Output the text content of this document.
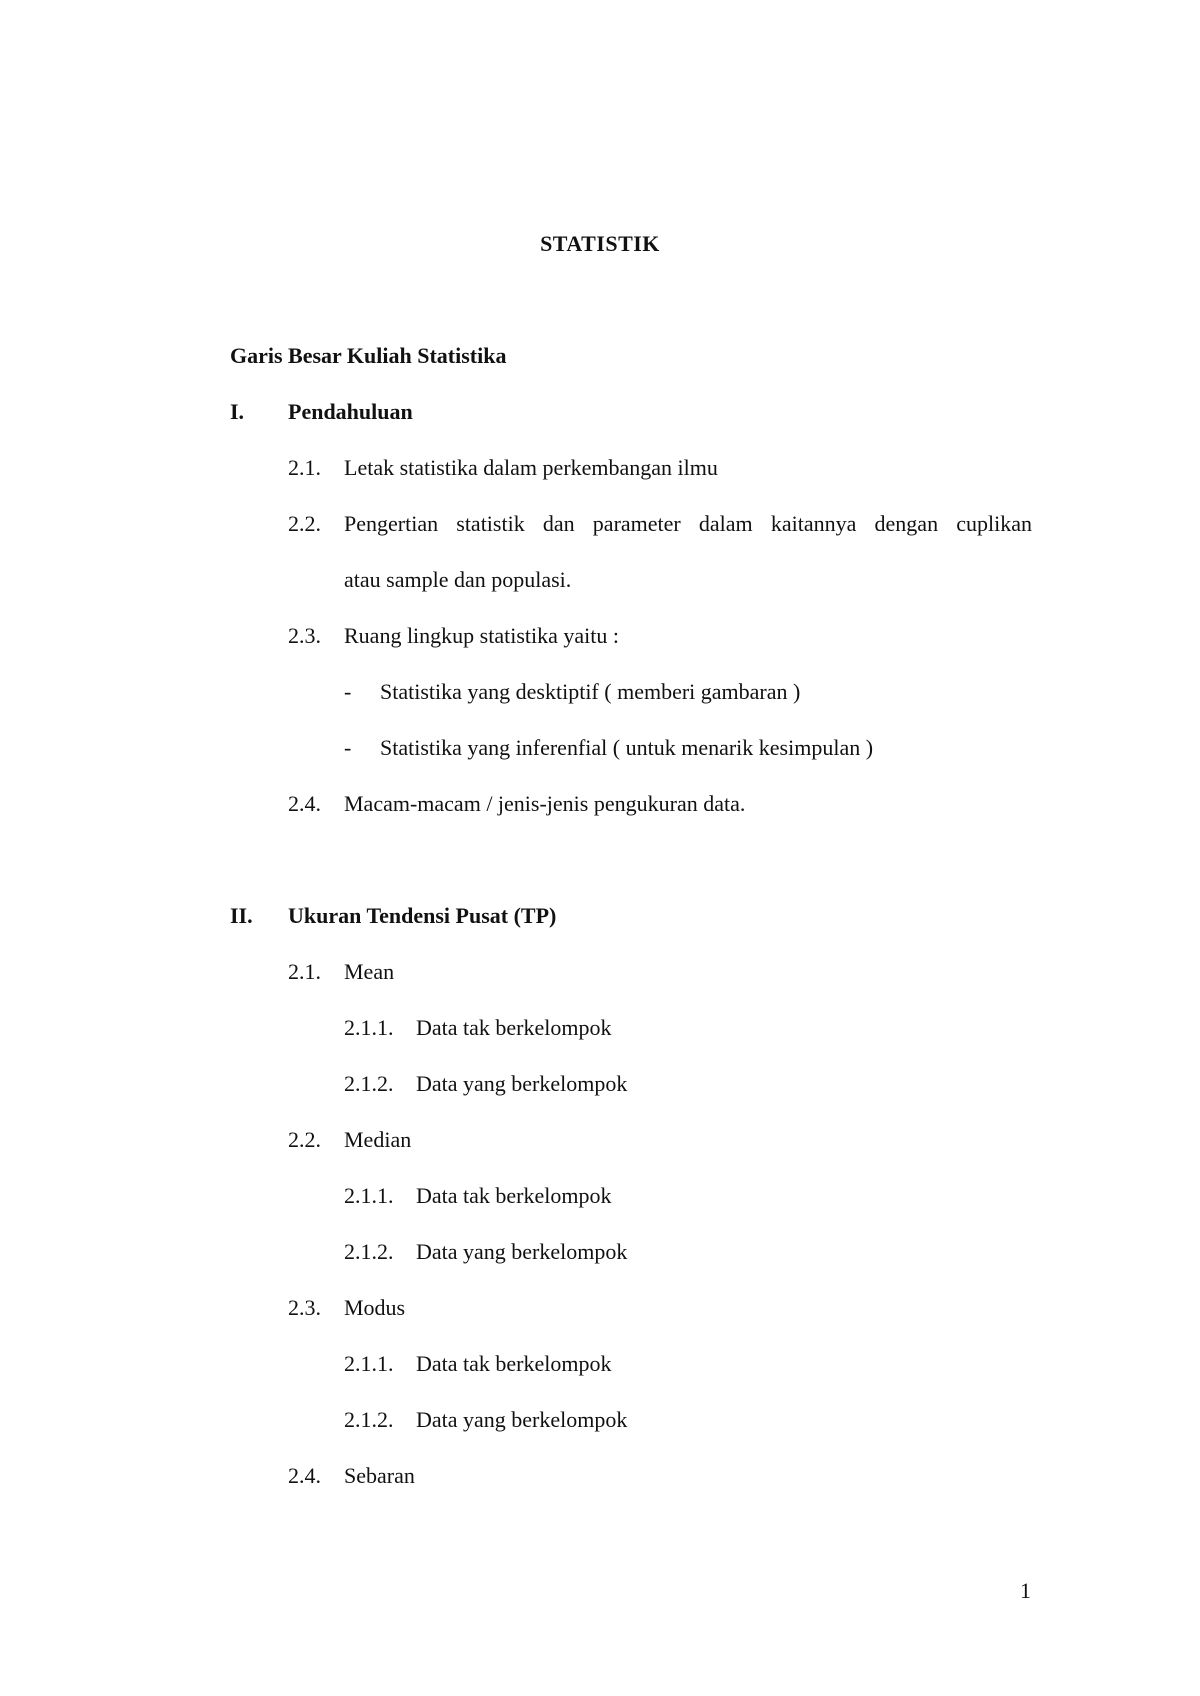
STATISTIK
Garis Besar Kuliah Statistika
I. Pendahuluan
2.1. Letak statistika dalam perkembangan ilmu
2.2. Pengertian statistik dan parameter dalam kaitannya dengan cuplikan
atau sample dan populasi.
2.3. Ruang lingkup statistika yaitu :
- Statistika yang desktiptif ( memberi gambaran )
- Statistika yang inferenfial ( untuk menarik kesimpulan )
2.4. Macam-macam / jenis-jenis pengukuran data.
II. Ukuran Tendensi Pusat (TP)
2.1. Mean
2.1.1. Data tak berkelompok
2.1.2. Data yang berkelompok
2.2. Median
2.1.1. Data tak berkelompok
2.1.2. Data yang berkelompok
2.3. Modus
2.1.1. Data tak berkelompok
2.1.2. Data yang berkelompok
2.4. Sebaran
1
